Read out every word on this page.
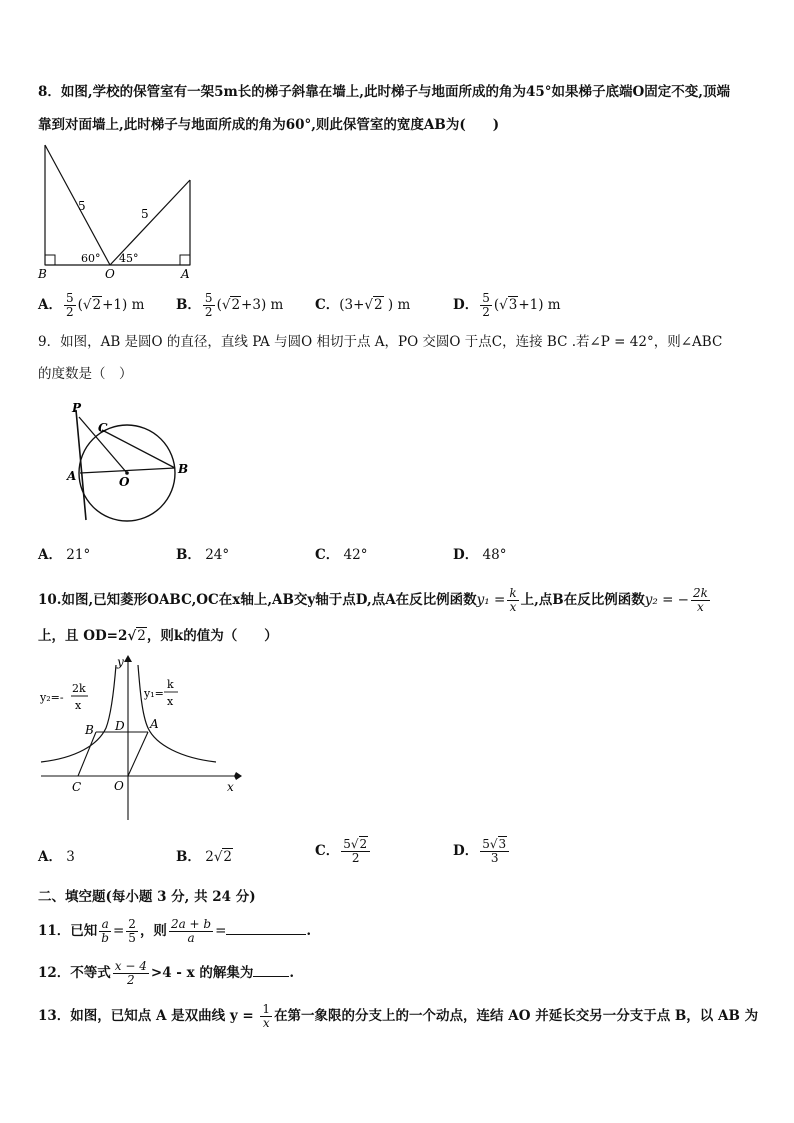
8．如图,学校的保管室有一架5m长的梯子斜靠在墙上,此时梯子与地面所成的角为45°如果梯子底端O固定不变,顶端
靠到对面墙上,此时梯子与地面所成的角为60°,则此保管室的宽度AB为(　　)
5
5
60° 45°
B	O	A
A． $\frac{5}{2} (√2+1)$ m B． $\frac{5}{2} (√2+3)$ m C．(3+√2 ) m	D． $\frac{5}{2} (√3+1)$ m
9．如图，AB 是圆O 的直径，直线 PA 与圆O 相切于点 A，PO 交圆O 于点C，连接 BC .若∠P = 42°，则∠ABC
的度数是（　）
P
C
A	O
B
A． 21°	B． 24°	C． 42°	D． 48°
10.如图,已知菱形OABC,OC在x轴上,AB交y轴于点D,点A在反比例函数$y_1 = \frac{k}{x}$ 上,点B在反比例函数y₂ = − $\frac{2k}{x}$
上，且 OD=2√2，则k的值为（　　）
y₂=-
2k
x
y₁=
k
x
B D A
C	O	x
y
A． 3	B． 2√2	C． $\frac{5√2}{2}$	D． $\frac{5√3}{3}$
二、填空题(每小题 3 分, 共 24 分)
11．已知 $\frac{a}{b} = \frac{2}{5}$ ，则 $\frac{2a + b}{a}$ =	.
12．不等式 $\frac{x - 4}{2} >4 - x$ 的解集为	.
13．如图，已知点 A 是双曲线 $y = \frac{1}{x}$ 在第一象限的分支上的一个动点，连结 AO 并延长交另一分支于点 B，以 AB 为
